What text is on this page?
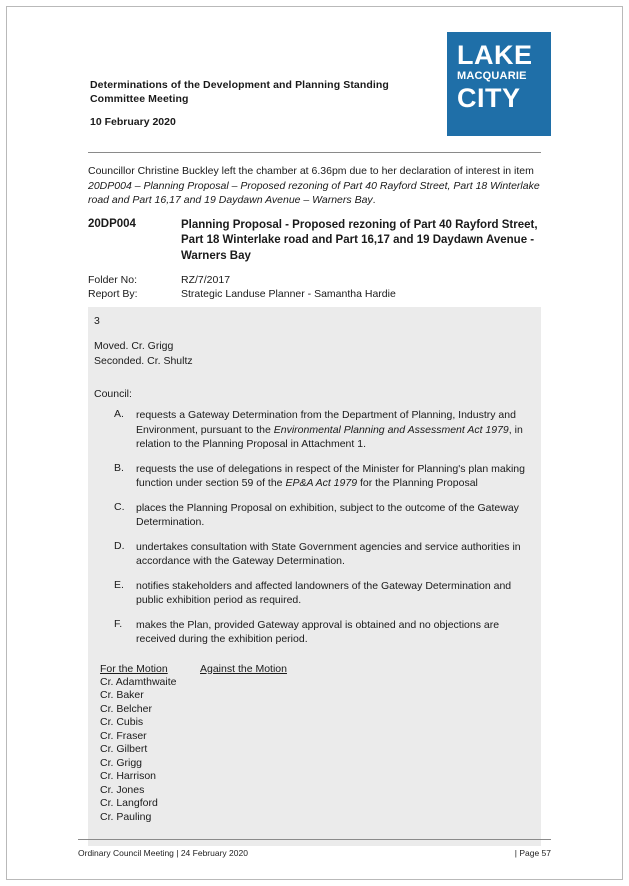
Determinations of the Development and Planning Standing Committee Meeting
10 February 2020
LAKE
MACQUARIE
CITY
Councillor Christine Buckley left the chamber at 6.36pm due to her declaration of interest in item 20DP004 – Planning Proposal – Proposed rezoning of Part 40 Rayford Street, Part 18 Winterlake road and Part 16,17 and 19 Daydawn Avenue – Warners Bay.
20DP004	Planning Proposal - Proposed rezoning of Part 40 Rayford Street, Part 18 Winterlake road and Part 16,17 and 19 Daydawn Avenue - Warners Bay
Folder No:	RZ/7/2017
Report By:	Strategic Landuse Planner - Samantha Hardie
3
Moved. Cr. Grigg
Seconded. Cr. Shultz
Council:
A.	requests a Gateway Determination from the Department of Planning, Industry and Environment, pursuant to the Environmental Planning and Assessment Act 1979, in relation to the Planning Proposal in Attachment 1.
B.	requests the use of delegations in respect of the Minister for Planning's plan making function under section 59 of the EP&A Act 1979 for the Planning Proposal
C.	places the Planning Proposal on exhibition, subject to the outcome of the Gateway Determination.
D.	undertakes consultation with State Government agencies and service authorities in accordance with the Gateway Determination.
E.	notifies stakeholders and affected landowners of the Gateway Determination and public exhibition period as required.
F.	makes the Plan, provided Gateway approval is obtained and no objections are received during the exhibition period.
For the Motion	Against the Motion
Cr. Adamthwaite
Cr. Baker
Cr. Belcher
Cr. Cubis
Cr. Fraser
Cr. Gilbert
Cr. Grigg
Cr. Harrison
Cr. Jones
Cr. Langford
Cr. Pauling
Ordinary Council Meeting | 24 February 2020	| Page 57
